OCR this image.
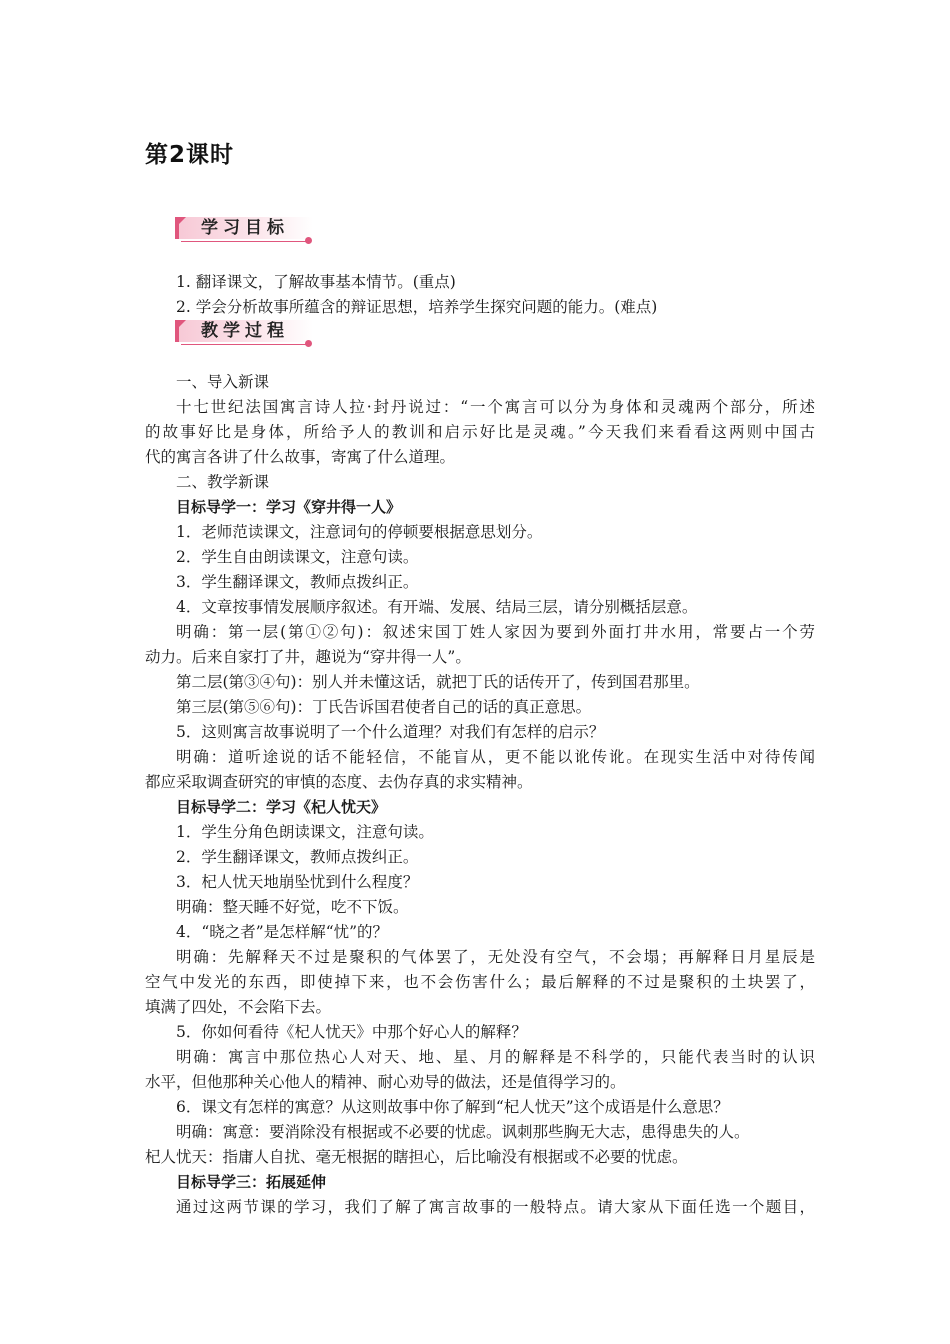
第2课时
学习目标

1. 翻译课文，了解故事基本情节。(重点)

2. 学会分析故事所蕴含的辩证思想，培养学生探究问题的能力。(难点)

教学过程

一、导入新课

十七世纪法国寓言诗人拉·封丹说过：“一个寓言可以分为身体和灵魂两个部分，所述

的故事好比是身体，所给予人的教训和启示好比是灵魂。”今天我们来看看这两则中国古

代的寓言各讲了什么故事，寄寓了什么道理。

二、教学新课

目标导学一：学习《穿井得一人》

1．老师范读课文，注意词句的停顿要根据意思划分。

2．学生自由朗读课文，注意句读。

3．学生翻译课文，教师点拨纠正。

4．文章按事情发展顺序叙述。有开端、发展、结局三层，请分别概括层意。

明确：第一层(第①②句)：叙述宋国丁姓人家因为要到外面打井水用，常要占一个劳

动力。后来自家打了井，趣说为“穿井得一人”。

第二层(第③④句)：别人并未懂这话，就把丁氏的话传开了，传到国君那里。

第三层(第⑤⑥句)：丁氏告诉国君使者自己的话的真正意思。

5．这则寓言故事说明了一个什么道理？对我们有怎样的启示？

明确：道听途说的话不能轻信，不能盲从，更不能以讹传讹。在现实生活中对待传闻

都应采取调查研究的审慎的态度、去伪存真的求实精神。

目标导学二：学习《杞人忧天》

1．学生分角色朗读课文，注意句读。

2．学生翻译课文，教师点拨纠正。

3．杞人忧天地崩坠忧到什么程度？

明确：整天睡不好觉，吃不下饭。

4．“晓之者”是怎样解“忧”的？

明确：先解释天不过是聚积的气体罢了，无处没有空气，不会塌；再解释日月星辰是

空气中发光的东西，即使掉下来，也不会伤害什么；最后解释的不过是聚积的土块罢了，

填满了四处，不会陷下去。

5．你如何看待《杞人忧天》中那个好心人的解释？

明确：寓言中那位热心人对天、地、星、月的解释是不科学的，只能代表当时的认识

水平，但他那种关心他人的精神、耐心劝导的做法，还是值得学习的。

6．课文有怎样的寓意？从这则故事中你了解到“杞人忧天”这个成语是什么意思？

明确：寓意：要消除没有根据或不必要的忧虑。讽刺那些胸无大志，患得患失的人。

杞人忧天：指庸人自扰、毫无根据的瞎担心，后比喻没有根据或不必要的忧虑。

目标导学三：拓展延伸

通过这两节课的学习，我们了解了寓言故事的一般特点。请大家从下面任选一个题目，
